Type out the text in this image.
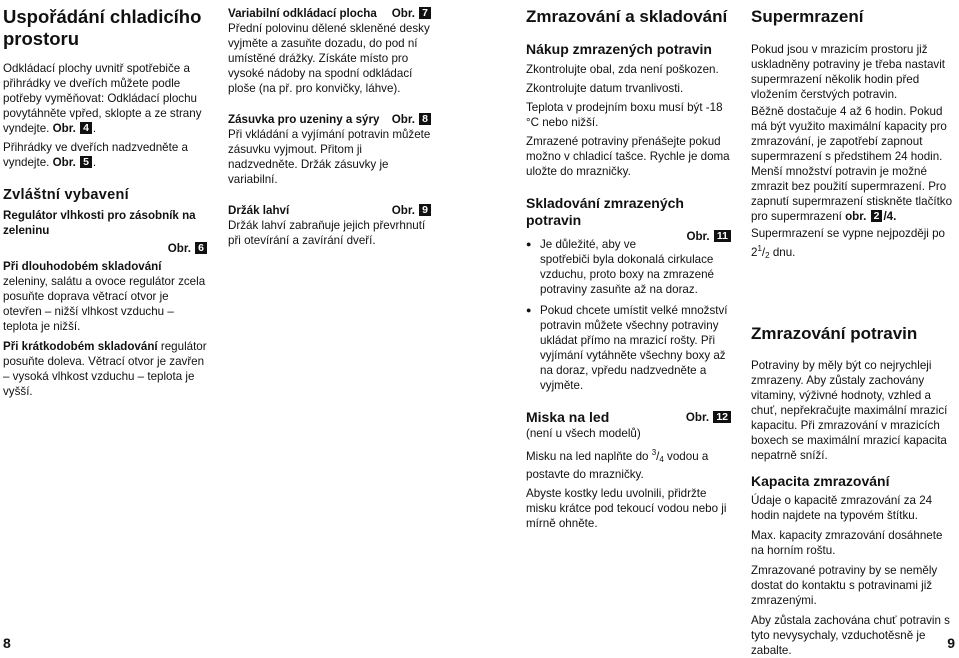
Uspořádání chladicího prostoru

Odkládací plochy uvnitř spotřebiče a přihrádky ve dveřích můžete podle potřeby vyměňovat: Odkládací plochu povytáhněte vpřed, sklopte a ze strany vyndejte. Obr. 4 .

Přihrádky ve dveřích nadzvedněte a vyndejte. Obr. 5 .

Zvláštní vybavení

Regulátor vlhkosti pro zásobník na zeleninu

Obr. 6

Při dlouhodobém skladování zeleniny, salátu a ovoce regulátor zcela posuňte doprava větrací otvor je otevřen – nižší vlhkost vzduchu – teplota je nižší.

Při krátkodobém skladování regulátor posuňte doleva. Větrací otvor je zavřen – vysoká vlhkost vzduchu – teplota je vyšší.

Variabilní odkládací plocha Obr. 7

Přední polovinu dělené skleněné desky vyjměte a zasuňte dozadu, do pod ní umístěné drážky. Získáte místo pro vysoké nádoby na spodní odkládací ploše (na př. pro konvičky, láhve).

Zásuvka pro uzeniny a sýry Obr. 8

Při vkládání a vyjímání potravin můžete zásuvku vyjmout. Přitom ji nadzvedněte. Držák zásuvky je variabilní.

Držák lahví	Obr. 9

Držák lahví zabraňuje jejich převrhnutí při otevírání a zavírání dveří.

Zmrazování a skladování
Nákup zmrazených potravin

Zkontrolujte obal, zda není poškozen.

Zkontrolujte datum trvanlivosti.

Teplota v prodejním boxu musí být -18 °C nebo nižší.

Zmrazené potraviny přenášejte pokud možno v chladicí tašce. Rychle je doma uložte do mrazničky.

Skladování zmrazených potravin
Obr. 11
● Je důležité, aby ve spotřebiči byla dokonalá cirkulace vzduchu, proto boxy na zmrazené potraviny zasuňte až na doraz.
● Pokud chcete umístit velké množství potravin můžete všechny potraviny ukládat přímo na mrazicí rošty. Při vyjímání vytáhněte všechny boxy až na doraz, vpředu nadzvedněte a vyjměte.
Miska na led	Obr. 12

(není u všech modelů)

Misku na led naplňte do $^3$/4 vodou a postavte do mrazničky.

Abyste kostky ledu uvolnili, přidržte misku krátce pod tekoucí vodou nebo ji mírně ohněte.

Supermrazení

Pokud jsou v mrazicím prostoru již uskladněny potraviny je třeba nastavit supermrazení několik hodin před vložením čerstvých potravin.

Běžně dostačuje 4 až 6 hodin. Pokud má být využito maximální kapacity pro zmrazování, je zapotřebí zapnout supermrazení s předstihem 24 hodin. Menší množství potravin je možné zmrazit bez použití supermrazení. Pro zapnutí supermrazení stiskněte tlačítko pro supermrazení obr. 2 /4.

Supermrazení se vypne nejpozději po $2^1/2$ dnu.

Zmrazování potravin

Potraviny by měly být co nejrychleji zmrazeny. Aby zůstaly zachovány vitaminy, výživné hodnoty, vzhled a chuť, nepřekračujte maximální mrazicí kapacitu. Při zmrazování v mrazicích boxech se maximální mrazicí kapacita nepatrně sníží.

Kapacita zmrazování

Údaje o kapacitě zmrazování za 24 hodin najdete na typovém štítku.

Max. kapacity zmrazování dosáhnete na horním roštu.

Zmrazované potraviny by se neměly dostat do kontaktu s potravinami již zmrazenými.

Aby zůstala zachována chuť potravin s tyto nevysychaly, vzduchotěsně je zabalte.

8	9
